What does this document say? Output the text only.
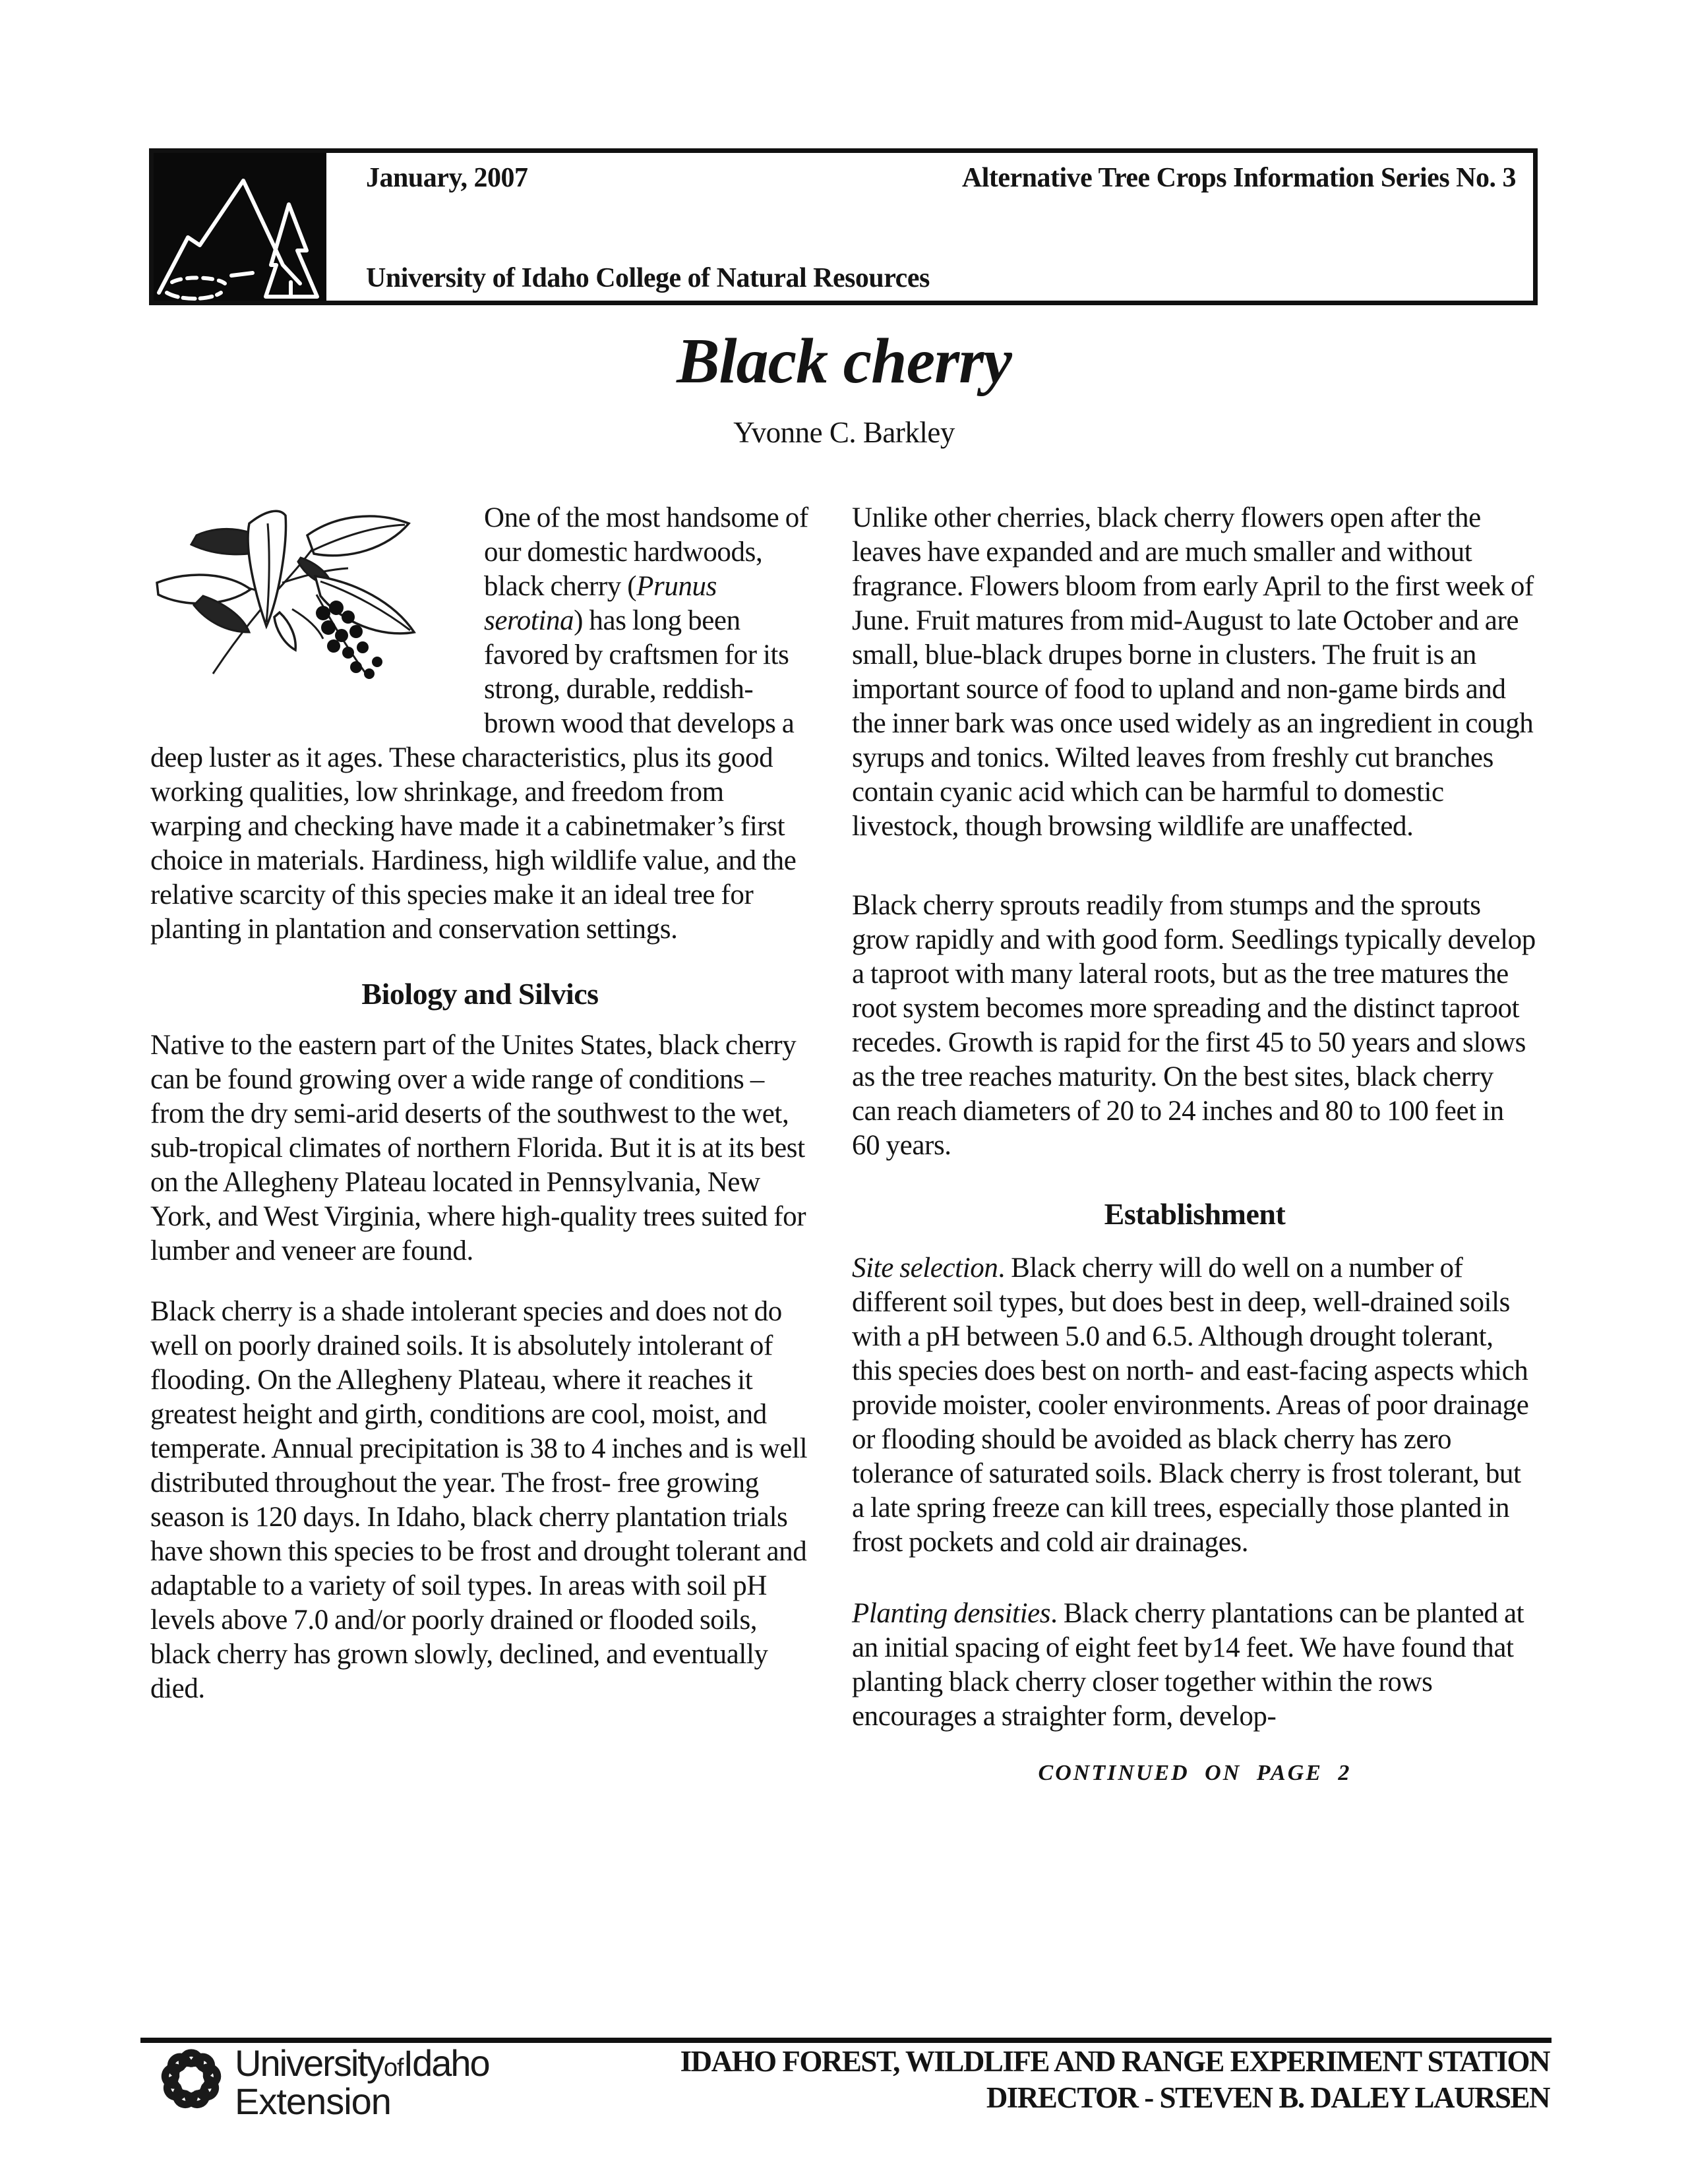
January, 2007	Alternative Tree Crops Information Series No. 3
University of Idaho College of Natural Resources
Black cherry
Yvonne C. Barkley

One of the most handsome of our domestic hardwoods, black cherry (Prunus serotina) has long been favored by craftsmen for its strong, durable, reddish-brown wood that develops a deep luster as it ages. These characteristics, plus its good working qualities, low shrinkage, and freedom from warping and checking have made it a cabinetmaker’s first choice in materials. Hardiness, high wildlife value, and the relative scarcity of this species make it an ideal tree for planting in plantation and conservation settings.

Biology and Silvics

Native to the eastern part of the Unites States, black cherry can be found growing over a wide range of conditions – from the dry semi-arid deserts of the southwest to the wet, sub-tropical climates of northern Florida. But it is at its best on the Allegheny Plateau located in Pennsylvania, New York, and West Virginia, where high-quality trees suited for lumber and veneer are found.

Black cherry is a shade intolerant species and does not do well on poorly drained soils. It is absolutely intolerant of flooding. On the Allegheny Plateau, where it reaches it greatest height and girth, conditions are cool, moist, and temperate. Annual precipitation is 38 to 4 inches and is well distributed throughout the year. The frost- free growing season is 120 days. In Idaho, black cherry plantation trials have shown this species to be frost and drought tolerant and adaptable to a variety of soil types. In areas with soil pH levels above 7.0 and/or poorly drained or flooded soils, black cherry has grown slowly, declined, and eventually died.

Unlike other cherries, black cherry flowers open after the leaves have expanded and are much smaller and without fragrance. Flowers bloom from early April to the first week of June. Fruit matures from mid-August to late October and are small, blue-black drupes borne in clusters. The fruit is an important source of food to upland and non-game birds and the inner bark was once used widely as an ingredient in cough syrups and tonics. Wilted leaves from freshly cut branches contain cyanic acid which can be harmful to domestic livestock, though browsing wildlife are unaffected.

Black cherry sprouts readily from stumps and the sprouts grow rapidly and with good form. Seedlings typically develop a taproot with many lateral roots, but as the tree matures the root system becomes more spreading and the distinct taproot recedes. Growth is rapid for the first 45 to 50 years and slows as the tree reaches maturity. On the best sites, black cherry can reach diameters of 20 to 24 inches and 80 to 100 feet in 60 years.

Establishment

Site selection. Black cherry will do well on a number of different soil types, but does best in deep, well-drained soils with a pH between 5.0 and 6.5. Although drought tolerant, this species does best on north- and east-facing aspects which provide moister, cooler environments. Areas of poor drainage or flooding should be avoided as black cherry has zero tolerance of saturated soils. Black cherry is frost tolerant, but a late spring freeze can kill trees, especially those planted in frost pockets and cold air drainages.

Planting densities. Black cherry plantations can be planted at an initial spacing of eight feet by14 feet. We have found that planting black cherry closer together within the rows encourages a straighter form, develop-

CONTINUED ON PAGE 2
UniversityofIdaho
Extension
IDAHO FOREST, WILDLIFE AND RANGE EXPERIMENT STATION
DIRECTOR - STEVEN B. DALEY LAURSEN
